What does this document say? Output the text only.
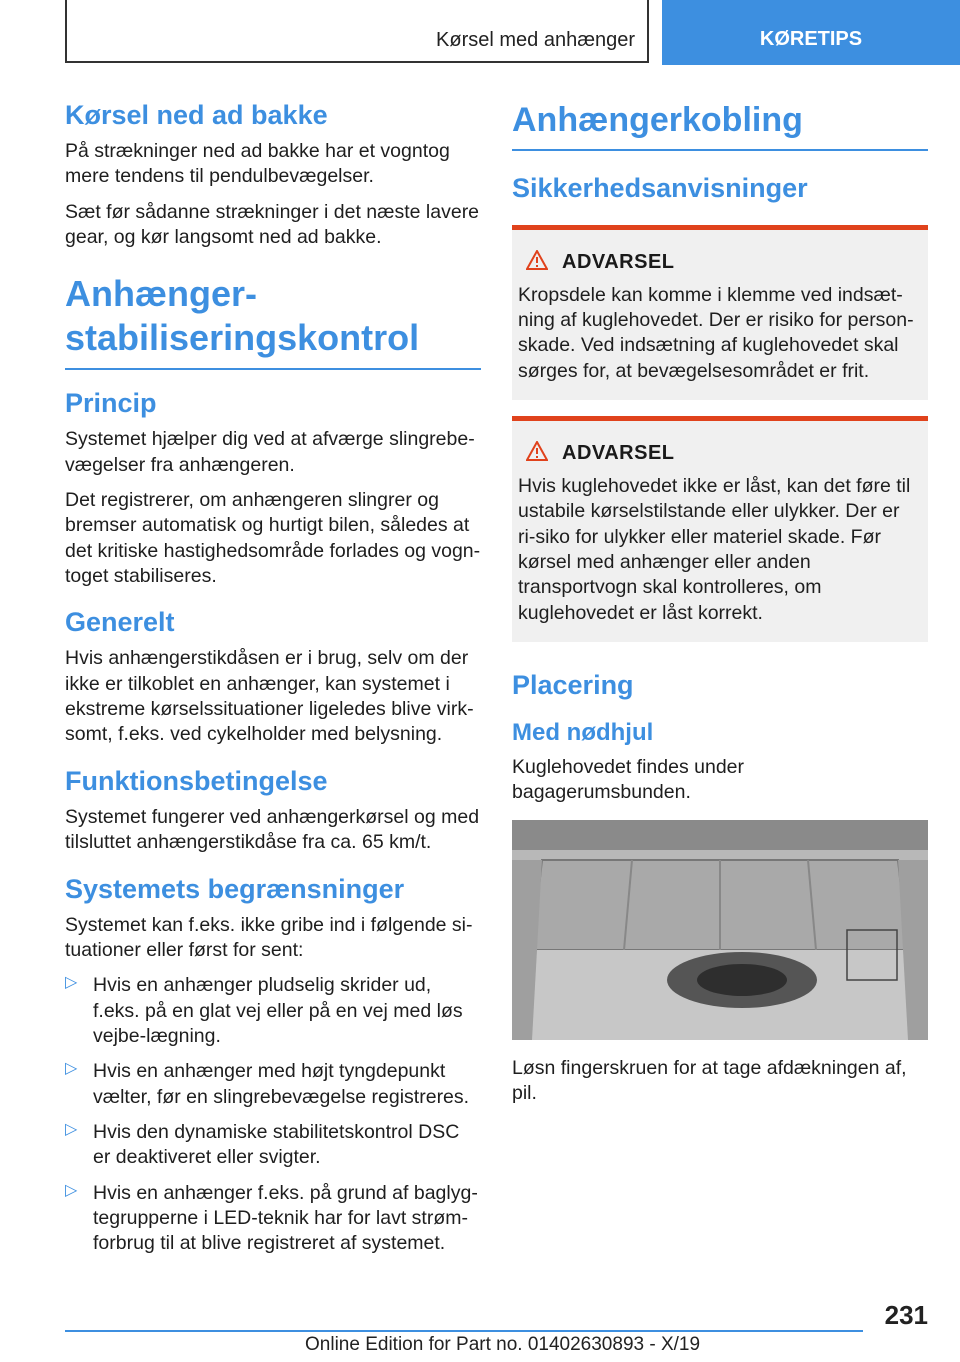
Kørsel med anhænger	KØRETIPS
Kørsel ned ad bakke

På strækninger ned ad bakke har et vogntog mere tendens til pendulbevægelser.

Sæt før sådanne strækninger i det næste lavere gear, og kør langsomt ned ad bakke.

Anhænger-stabiliseringskontrol
Princip

Systemet hjælper dig ved at afværge slingrebe-vægelser fra anhængeren.

Det registrerer, om anhængeren slingrer og bremser automatisk og hurtigt bilen, således at det kritiske hastighedsområde forlades og vogn-toget stabiliseres.

Generelt

Hvis anhængerstikdåsen er i brug, selv om der ikke er tilkoblet en anhænger, kan systemet i ekstreme kørselssituationer ligeledes blive virk-somt, f.eks. ved cykelholder med belysning.

Funktionsbetingelse

Systemet fungerer ved anhængerkørsel og med tilsluttet anhængerstikdåse fra ca. 65 km/t.

Systemets begrænsninger

Systemet kan f.eks. ikke gribe ind i følgende si-tuationer eller først for sent:

▷ Hvis en anhænger pludselig skrider ud, f.eks. på en glat vej eller på en vej med løs vejbe-lægning.
▷ Hvis en anhænger med højt tyngdepunkt vælter, før en slingrebevægelse registreres.
▷ Hvis den dynamiske stabilitetskontrol DSC er deaktiveret eller svigter.
▷ Hvis en anhænger f.eks. på grund af baglyg-tegrupperne i LED-teknik har for lavt strøm-forbrug til at blive registreret af systemet.
Anhængerkobling
Sikkerhedsanvisninger
ADVARSEL

Kropsdele kan komme i klemme ved indsæt-ning af kuglehovedet. Der er risiko for person-skade. Ved indsætning af kuglehovedet skal sørges for, at bevægelsesområdet er frit.

ADVARSEL

Hvis kuglehovedet ikke er låst, kan det føre til ustabile kørselstilstande eller ulykker. Der er ri-siko for ulykker eller materiel skade. Før kørsel med anhænger eller anden transportvogn skal kontrolleres, om kuglehovedet er låst korrekt.

Placering
Med nødhjul

Kuglehovedet findes under bagagerumsbunden.

Løsn fingerskruen for at tage afdækningen af, pil.

231
Online Edition for Part no. 01402630893 - X/19
